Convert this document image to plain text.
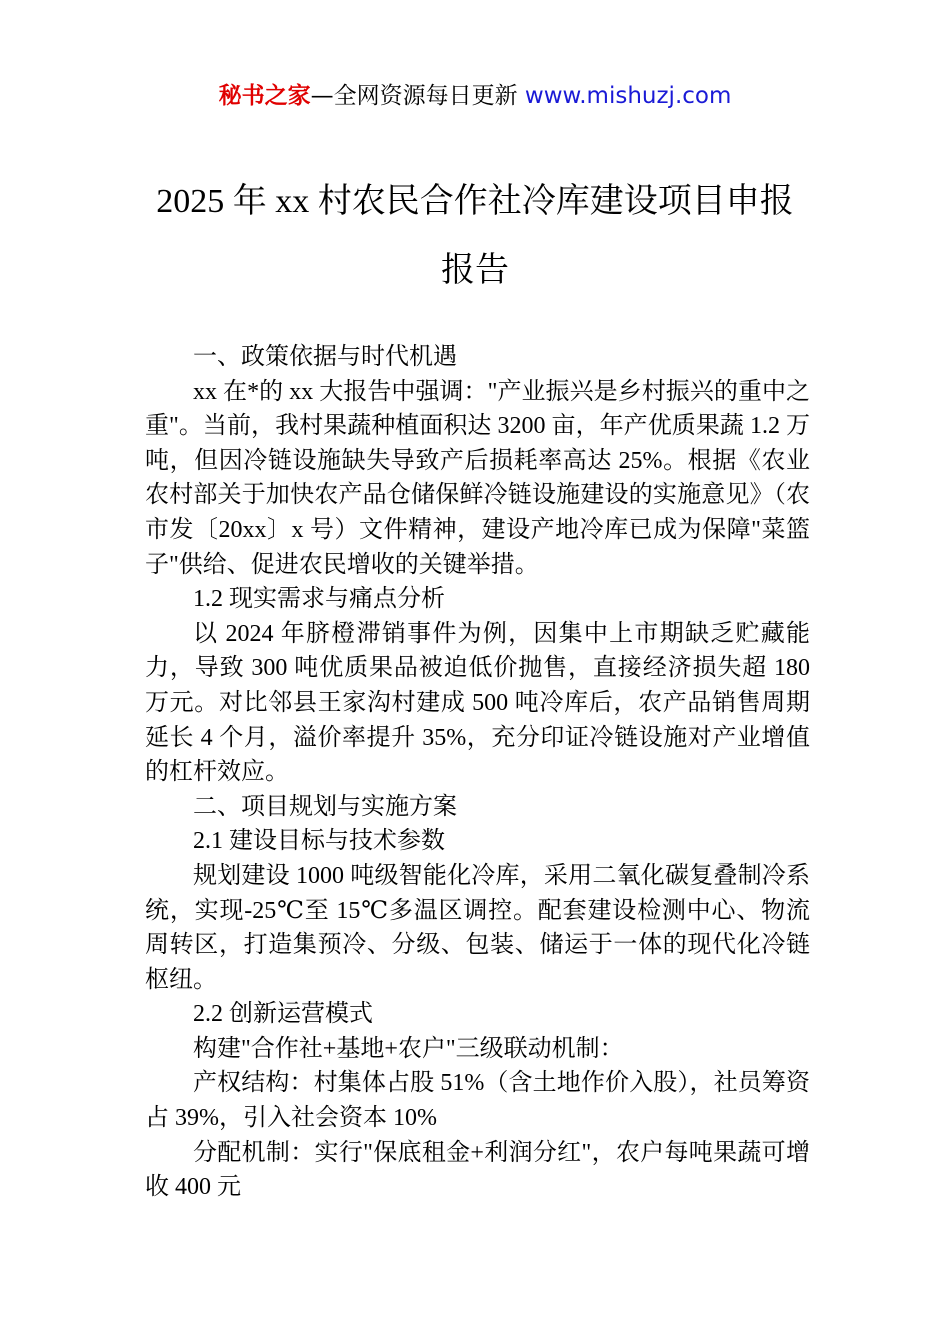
秘书之家—全网资源每日更新 www.mishuzj.com
2025 年 xx 村农民合作社冷库建设项目申报
报告

一、政策依据与时代机遇

xx 在*的 xx 大报告中强调："产业振兴是乡村振兴的重中之重"。当前，我村果蔬种植面积达 3200 亩，年产优质果蔬 1.2 万吨，但因冷链设施缺失导致产后损耗率高达 25%。根据《农业农村部关于加快农产品仓储保鲜冷链设施建设的实施意见》（农市发〔20xx〕x 号）文件精神，建设产地冷库已成为保障"菜篮子"供给、促进农民增收的关键举措。

1.2 现实需求与痛点分析

以 2024 年脐橙滞销事件为例，因集中上市期缺乏贮藏能力，导致 300 吨优质果品被迫低价抛售，直接经济损失超 180 万元。对比邻县王家沟村建成 500 吨冷库后，农产品销售周期延长 4 个月，溢价率提升 35%，充分印证冷链设施对产业增值的杠杆效应。

二、项目规划与实施方案

2.1 建设目标与技术参数

规划建设 1000 吨级智能化冷库，采用二氧化碳复叠制冷系统，实现-25℃至 15℃多温区调控。配套建设检测中心、物流周转区，打造集预冷、分级、包装、储运于一体的现代化冷链枢纽。

2.2 创新运营模式

构建"合作社+基地+农户"三级联动机制：

产权结构：村集体占股 51%（含土地作价入股），社员筹资占 39%，引入社会资本 10%

分配机制：实行"保底租金+利润分红"，农户每吨果蔬可增收 400 元
